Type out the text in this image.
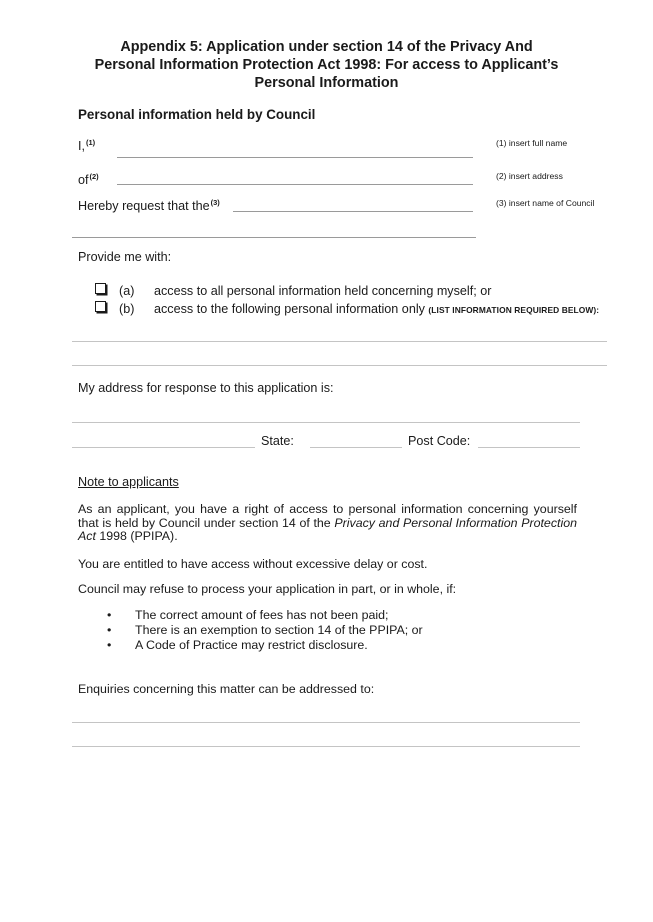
Appendix 5: Application under section 14 of the Privacy And
Personal Information Protection Act 1998: For access to Applicant’s
Personal Information
Personal information held by Council
I,$^{(1)}$	(1) insert full name
$of^{(2)}$	(2) insert address
Hereby request that the$^{(3)}$	(3) insert name of Council
Provide me with:
(a) access to all personal information held concerning myself; or
(b) access to the following personal information only (LIST INFORMATION REQUIRED BELOW):
My address for response to this application is:
State:	Post Code:
Note to applicants
As an applicant, you have a right of access to personal information concerning yourself that is held by Council under section 14 of the Privacy and Personal Information Protection Act 1998 (PPIPA).
You are entitled to have access without excessive delay or cost.
Council may refuse to process your application in part, or in whole, if:
• The correct amount of fees has not been paid;
• There is an exemption to section 14 of the PPIPA; or
• A Code of Practice may restrict disclosure.
Enquiries concerning this matter can be addressed to:
